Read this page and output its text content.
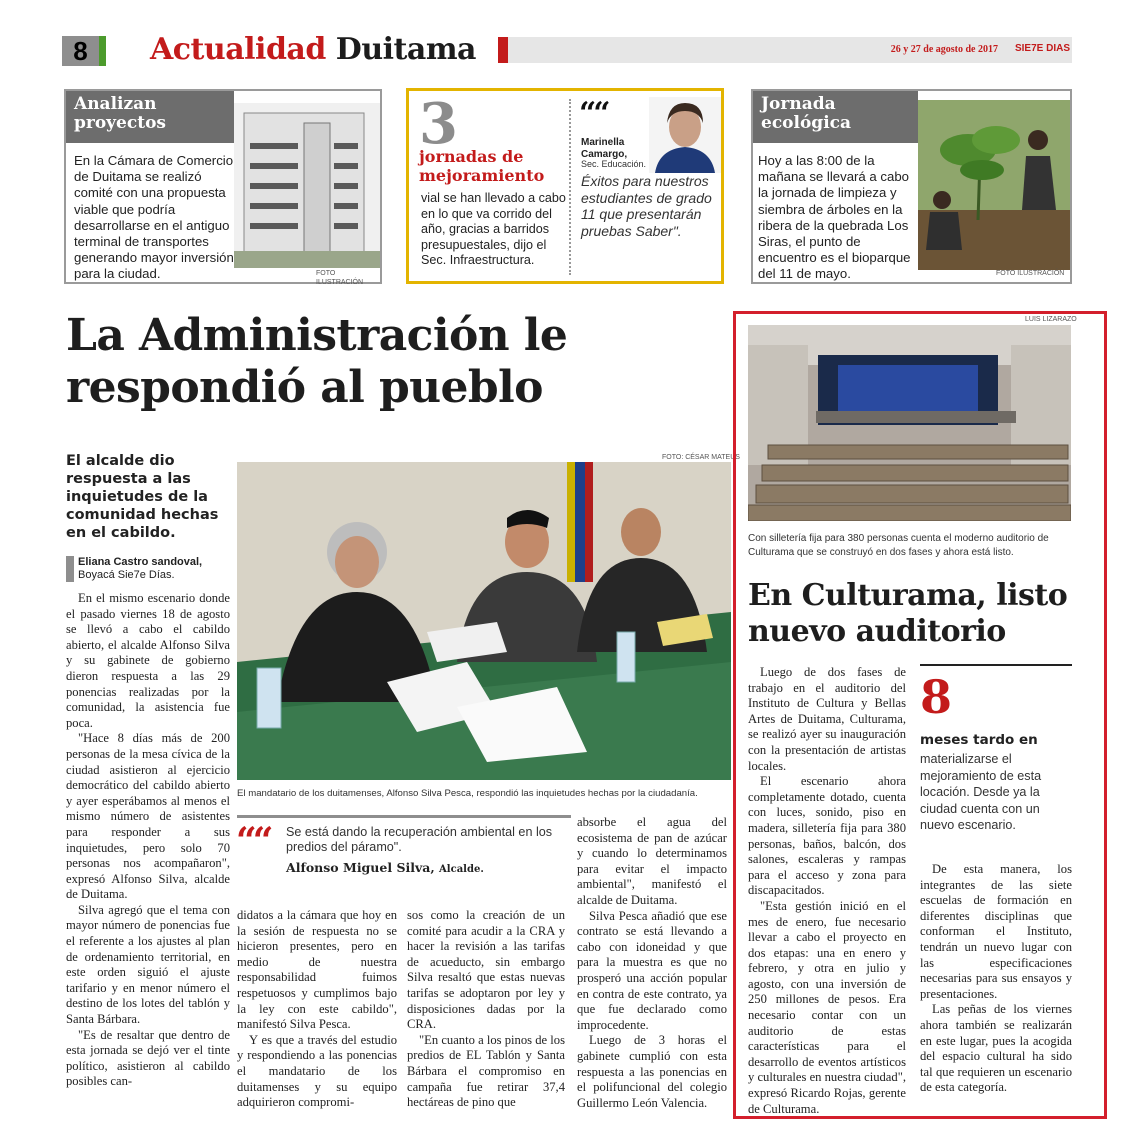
8	Actualidad Duitama	26 y 27 de agosto de 2017 SIE7E DIAS
Analizan
proyectos
En la Cámara de Comercio de Duitama se realizó comité con una propuesta viable que podría desarrollarse en el antiguo terminal de transportes generando mayor inversión para la ciudad.	FOTO ILUSTRACIÓN
3
jornadas de mejoramiento
vial se han llevado a cabo en lo que va corrido del año, gracias a barridos presupuestales, dijo el Sec. Infraestructura.
““
Marinella Camargo,
Sec. Educación.
Éxitos para nuestros estudiantes de grado 11 que presentarán pruebas Saber".
Jornada
ecológica
Hoy a las 8:00 de la mañana se llevará a cabo la jornada de limpieza y siembra de árboles en la ribera de la quebrada Los Siras, el punto de encuentro es el bioparque del 11 de mayo.	FOTO ILUSTRACIÓN
La Administración le
respondió al pueblo
El alcalde dio respuesta a las inquietudes de la comunidad hechas en el cabildo.
Eliana Castro sandoval,
Boyacá Sie7e Días.
FOTO: CÉSAR MATEUS
El mandatario de los duitamenses, Alfonso Silva Pesca, respondió las inquietudes hechas por la ciudadanía.
““ Se está dando la recuperación ambiental en los predios del páramo".
Alfonso Miguel Silva, Alcalde.

En el mismo escenario donde el pasado viernes 18 de agosto se llevó a cabo el cabildo abierto, el alcalde Alfonso Silva y su gabinete de gobierno dieron respuesta a las 29 ponencias realizadas por la comunidad, la asistencia fue poca.

"Hace 8 días más de 200 personas de la mesa cívica de la ciudad asistieron al ejercicio democrático del cabildo abierto y ayer esperábamos al menos el mismo número de asistentes para responder a sus inquietudes, pero solo 70 personas nos acompañaron", expresó Alfonso Silva, alcalde de Duitama.

Silva agregó que el tema con mayor número de ponencias fue el referente a los ajustes al plan de ordenamiento territorial, en este orden siguió el ajuste tarifario y en menor número el destino de los lotes del tablón y Santa Bárbara.

"Es de resaltar que dentro de esta jornada se dejó ver el tinte político, asistieron al cabildo posibles can-

didatos a la cámara que hoy en la sesión de respuesta no se hicieron presentes, pero en medio de nuestra responsabilidad fuimos respetuosos y cumplimos bajo la ley con este cabildo", manifestó Silva Pesca.

Y es que a través del estudio y respondiendo a las ponencias el mandatario de los duitamenses y su equipo adquirieron compromi-

sos como la creación de un comité para acudir a la CRA y hacer la revisión a las tarifas de acueducto, sin embargo Silva resaltó que estas nuevas tarifas se adoptaron por ley y disposiciones dadas por la CRA.

"En cuanto a los pinos de los predios de EL Tablón y Santa Bárbara el compromiso en campaña fue retirar 37,4 hectáreas de pino que

absorbe el agua del ecosistema de pan de azúcar y cuando lo determinamos para evitar el impacto ambiental", manifestó el alcalde de Duitama.

Silva Pesca añadió que ese contrato se está llevando a cabo con idoneidad y que para la muestra es que no prosperó una acción popular en contra de este contrato, ya que fue declarado como improcedente.

Luego de 3 horas el gabinete cumplió con esta respuesta a las ponencias en el polifuncional del colegio Guillermo León Valencia.

LUIS LIZARAZO
Con silletería fija para 380 personas cuenta el moderno auditorio de Culturama que se construyó en dos fases y ahora está listo.
En Culturama, listo
nuevo auditorio

Luego de dos fases de trabajo en el auditorio del Instituto de Cultura y Bellas Artes de Duitama, Culturama, se realizó ayer su inauguración con la presentación de artistas locales.

El escenario ahora completamente dotado, cuenta con luces, sonido, piso en madera, silletería fija para 380 personas, baños, balcón, dos salones, escaleras y rampas para el acceso y zona para discapacitados.

"Esta gestión inició en el mes de enero, fue necesario llevar a cabo el proyecto en dos etapas: una en enero y febrero, y otra en julio y agosto, con una inversión de 250 millones de pesos. Era necesario contar con un auditorio de estas características para el desarrollo de eventos artísticos y culturales en nuestra ciudad", expresó Ricardo Rojas, gerente de Culturama.

8
meses tardo en
materializarse el mejoramiento de esta locación. Desde ya la ciudad cuenta con un nuevo escenario.

De esta manera, los integrantes de las siete escuelas de formación en diferentes disciplinas que conforman el Instituto, tendrán un nuevo lugar con las especificaciones necesarias para sus ensayos y presentaciones.

Las peñas de los viernes ahora también se realizarán en este lugar, pues la acogida del espacio cultural ha sido tal que requieren un escenario de esta categoría.
